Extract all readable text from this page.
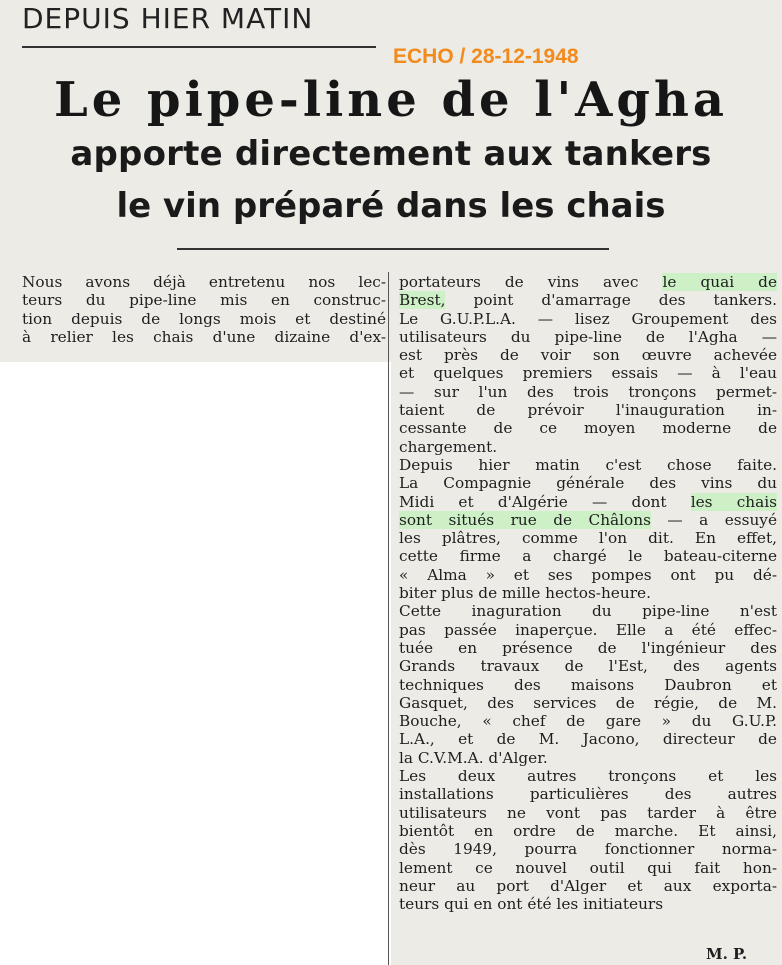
DEPUIS HIER MATIN
ECHO / 28-12-1948
Le pipe-line de l'Agha
apporte directement aux tankers
le vin préparé dans les chais
Nous avons déjà entretenu nos lec-
teurs du pipe-line mis en construc-
tion depuis de longs mois et destiné
à relier les chais d'une dizaine d'ex-
portateurs de vins avec le quai de
Brest, point d'amarrage des tankers.
Le G.U.P.L.A. — lisez Groupement des
utilisateurs du pipe-line de l'Agha —
est près de voir son œuvre achevée
et quelques premiers essais — à l'eau
— sur l'un des trois tronçons permet-
taient de prévoir l'inauguration in-
cessante de ce moyen moderne de
chargement.
Depuis hier matin c'est chose faite.
La Compagnie générale des vins du
Midi et d'Algérie — dont les chais
sont situés rue de Châlons — a essuyé
les plâtres, comme l'on dit. En effet,
cette firme a chargé le bateau-citerne
« Alma » et ses pompes ont pu dé-
biter plus de mille hectos-heure.
Cette inaguration du pipe-line n'est
pas passée inaperçue. Elle a été effec-
tuée en présence de l'ingénieur des
Grands travaux de l'Est, des agents
techniques des maisons Daubron et
Gasquet, des services de régie, de M.
Bouche, « chef de gare » du G.U.P.
L.A., et de M. Jacono, directeur de
la C.V.M.A. d'Alger.
Les deux autres tronçons et les
installations particulières des autres
utilisateurs ne vont pas tarder à être
bientôt en ordre de marche. Et ainsi,
dès 1949, pourra fonctionner norma-
lement ce nouvel outil qui fait hon-
neur au port d'Alger et aux exporta-
teurs qui en ont été les initiateurs
M. P.
